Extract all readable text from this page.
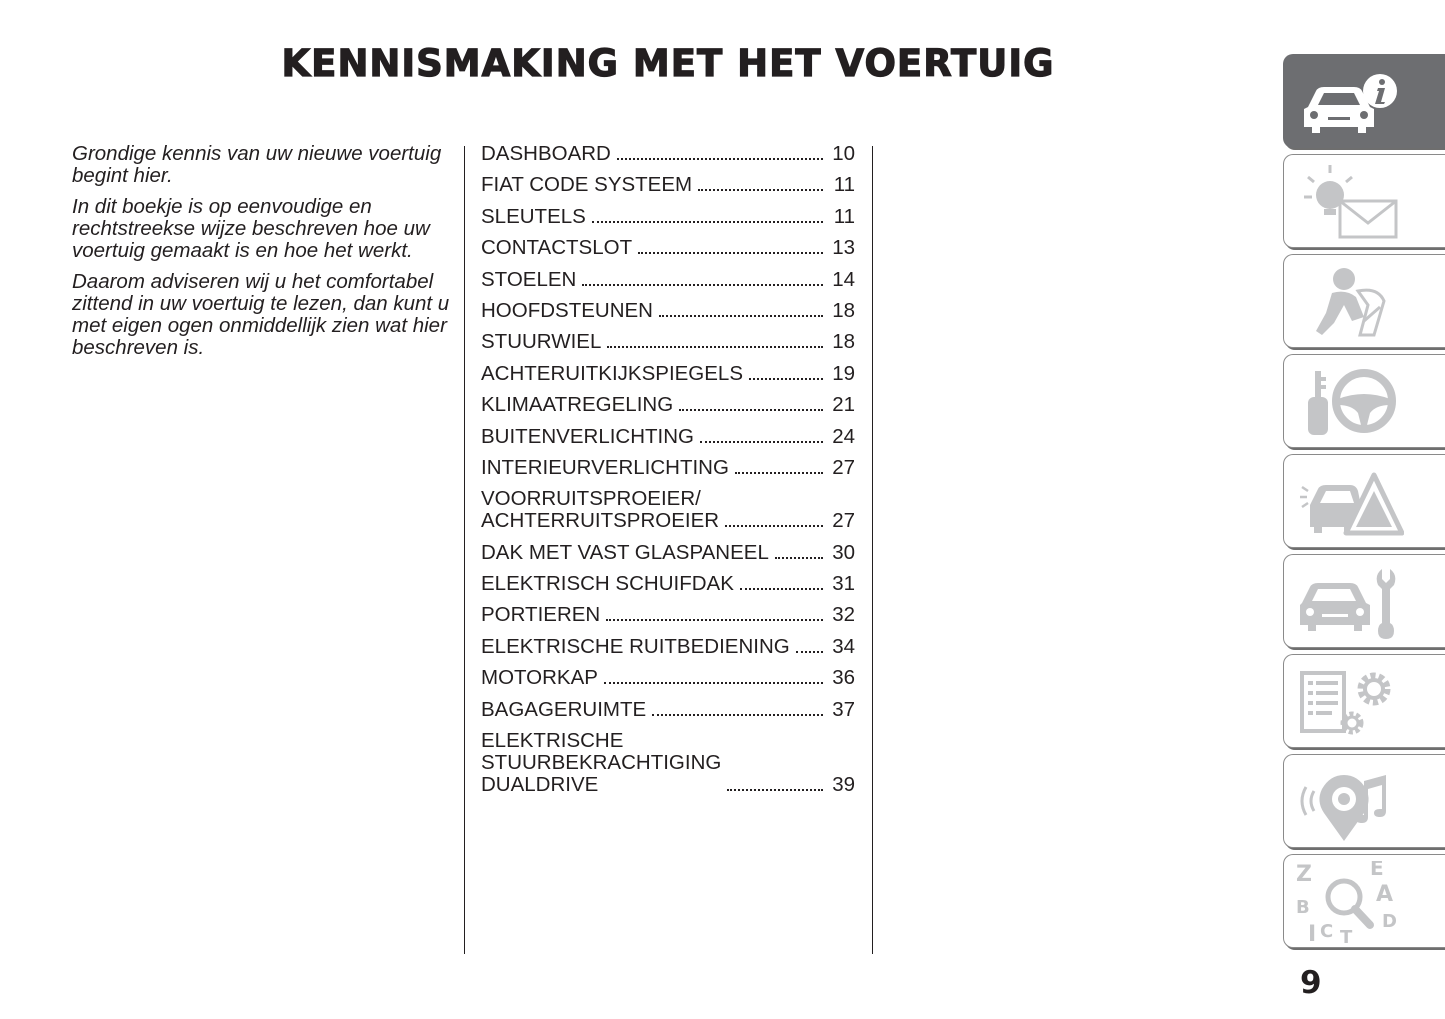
KENNISMAKING MET HET VOERTUIG

Grondige kennis van uw nieuwe voertuig begint hier.

In dit boekje is op eenvoudige en rechtstreekse wijze beschreven hoe uw voertuig gemaakt is en hoe het werkt.

Daarom adviseren wij u het comfortabel zittend in uw voertuig te lezen, dan kunt u met eigen ogen onmiddellijk zien wat hier beschreven is.

DASHBOARD	10
FIAT CODE SYSTEEM	11
SLEUTELS	11
CONTACTSLOT	13
STOELEN	14
HOOFDSTEUNEN	18
STUURWIEL	18
ACHTERUITKIJKSPIEGELS	19
KLIMAATREGELING	21
BUITENVERLICHTING	24
INTERIEURVERLICHTING	27
VOORRUITSPROEIER/
ACHTERRUITSPROEIER	27
DAK MET VAST GLASPANEEL	30
ELEKTRISCH SCHUIFDAK	31
PORTIEREN	32
ELEKTRISCHE RUITBEDIENING 34
MOTORKAP	36
BAGAGERUIMTE	37
ELEKTRISCHE
STUURBEKRACHTIGING
DUALDRIVE	39
Z	E
A
B
D
I C T
9
